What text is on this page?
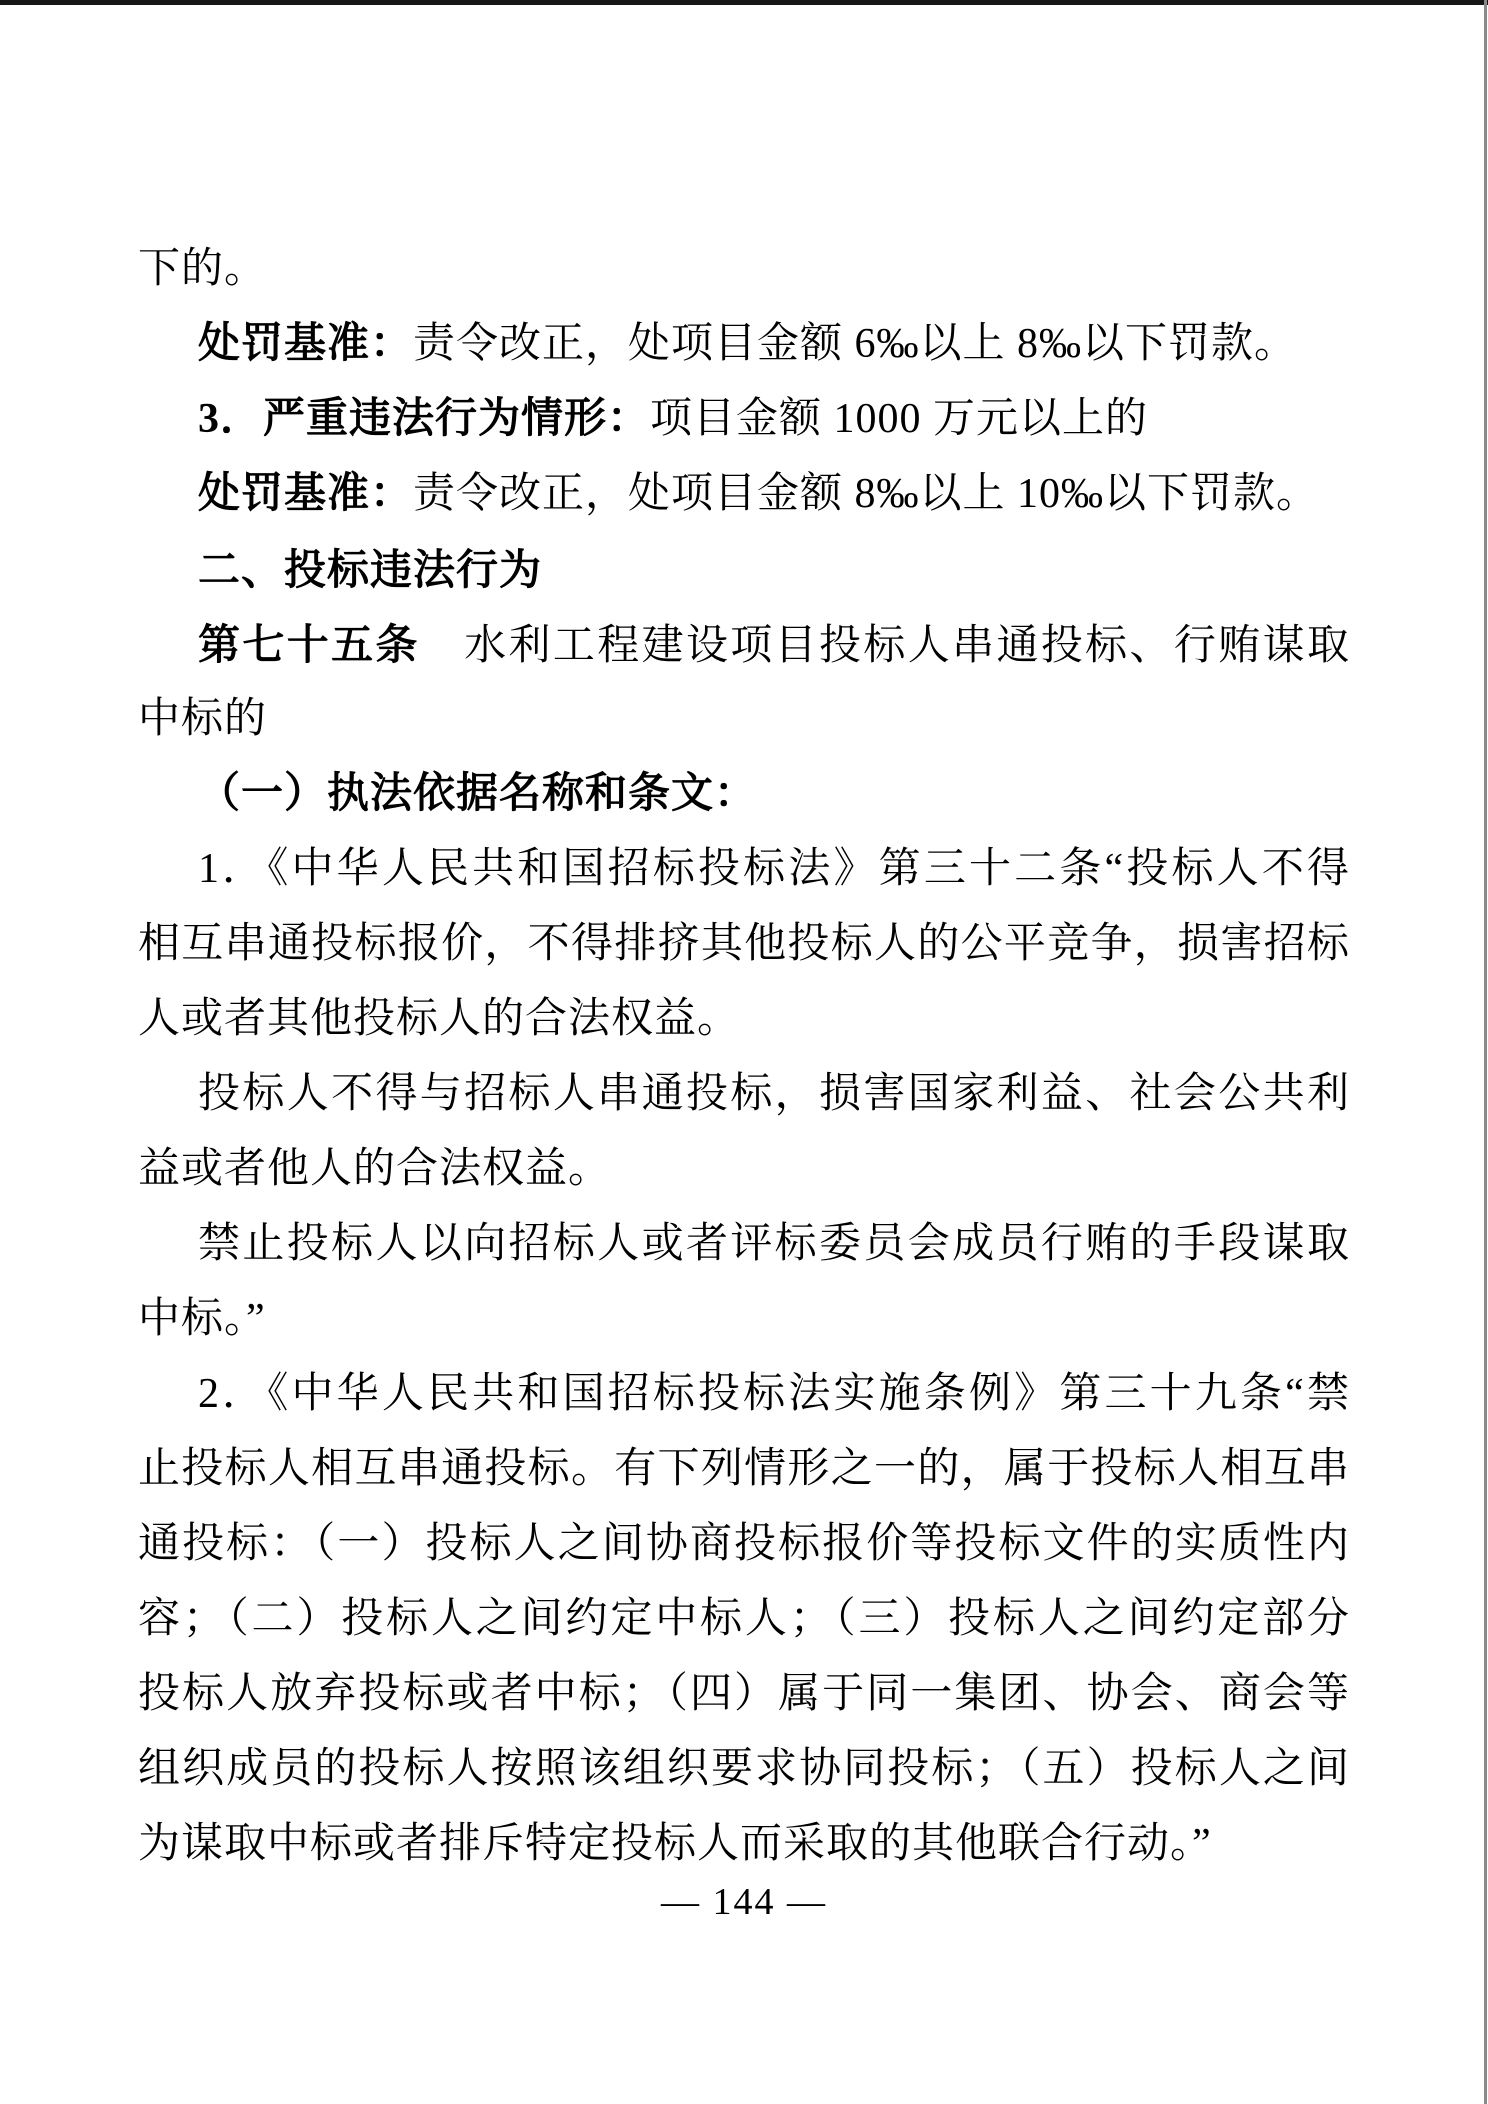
下的。
处罚基准：责令改正，处项目金额 6‰以上 8‰以下罚款。
3．严重违法行为情形：项目金额 1000 万元以上的
处罚基准：责令改正，处项目金额 8‰以上 10‰以下罚款。
二、投标违法行为
第七十五条　水利工程建设项目投标人串通投标、行贿谋取
中标的
（一）执法依据名称和条文：
1．《中华人民共和国招标投标法》第三十二条“投标人不得
相互串通投标报价，不得排挤其他投标人的公平竞争，损害招标
人或者其他投标人的合法权益。
投标人不得与招标人串通投标，损害国家利益、社会公共利
益或者他人的合法权益。
禁止投标人以向招标人或者评标委员会成员行贿的手段谋取
中标。”
2．《中华人民共和国招标投标法实施条例》第三十九条“禁
止投标人相互串通投标。有下列情形之一的，属于投标人相互串
通投标：（一）投标人之间协商投标报价等投标文件的实质性内
容；（二）投标人之间约定中标人；（三）投标人之间约定部分
投标人放弃投标或者中标；（四）属于同一集团、协会、商会等
组织成员的投标人按照该组织要求协同投标；（五）投标人之间
为谋取中标或者排斥特定投标人而采取的其他联合行动。”
— 144 —
